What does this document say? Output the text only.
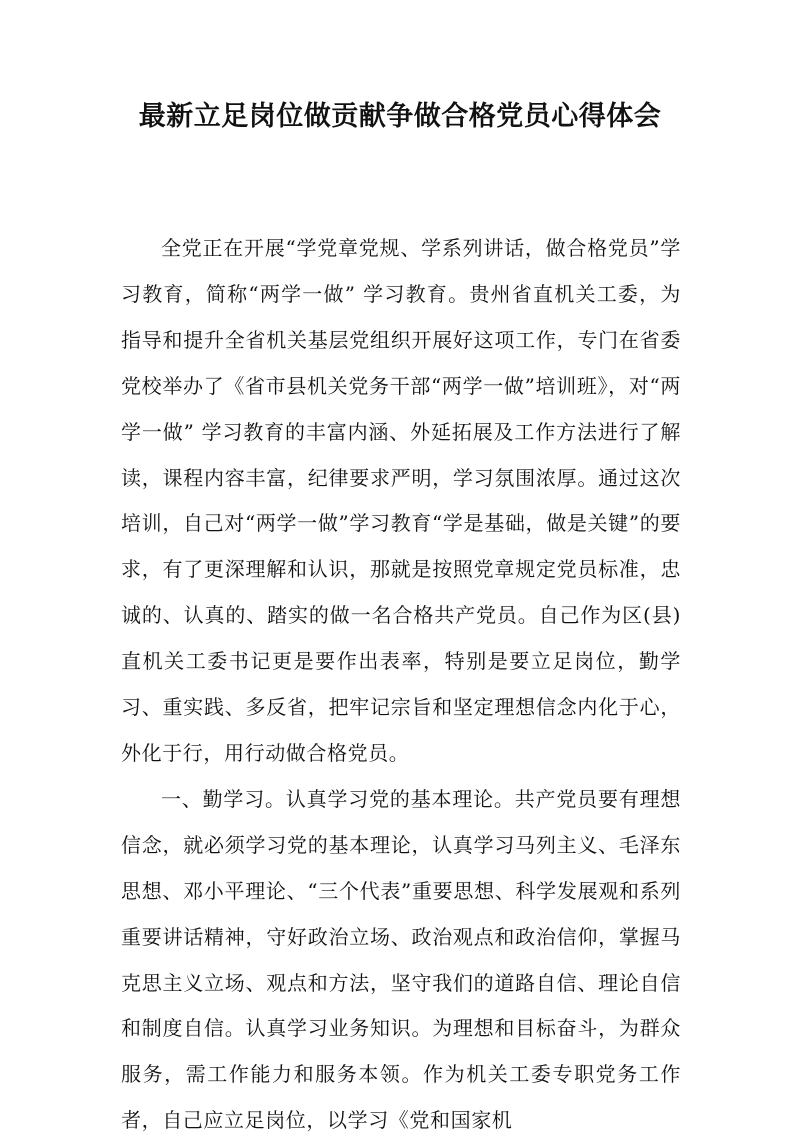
最新立足岗位做贡献争做合格党员心得体会

全党正在开展“学党章党规、学系列讲话，做合格党员”学习教育，简称“两学一做” 学习教育。贵州省直机关工委，为指导和提升全省机关基层党组织开展好这项工作，专门在省委党校举办了《省市县机关党务干部“两学一做”培训班》，对“两学一做” 学习教育的丰富内涵、外延拓展及工作方法进行了解读，课程内容丰富，纪律要求严明，学习氛围浓厚。通过这次培训，自己对“两学一做”学习教育“学是基础，做是关键”的要求，有了更深理解和认识，那就是按照党章规定党员标准，忠诚的、认真的、踏实的做一名合格共产党员。自己作为区(县)直机关工委书记更是要作出表率，特别是要立足岗位，勤学习、重实践、多反省，把牢记宗旨和坚定理想信念内化于心，外化于行，用行动做合格党员。

一、勤学习。认真学习党的基本理论。共产党员要有理想信念，就必须学习党的基本理论，认真学习马列主义、毛泽东思想、邓小平理论、“三个代表”重要思想、科学发展观和系列重要讲话精神，守好政治立场、政治观点和政治信仰，掌握马克思主义立场、观点和方法，坚守我们的道路自信、理论自信和制度自信。认真学习业务知识。为理想和目标奋斗，为群众服务，需工作能力和服务本领。作为机关工委专职党务工作者，自己应立足岗位，以学习《党和国家机
